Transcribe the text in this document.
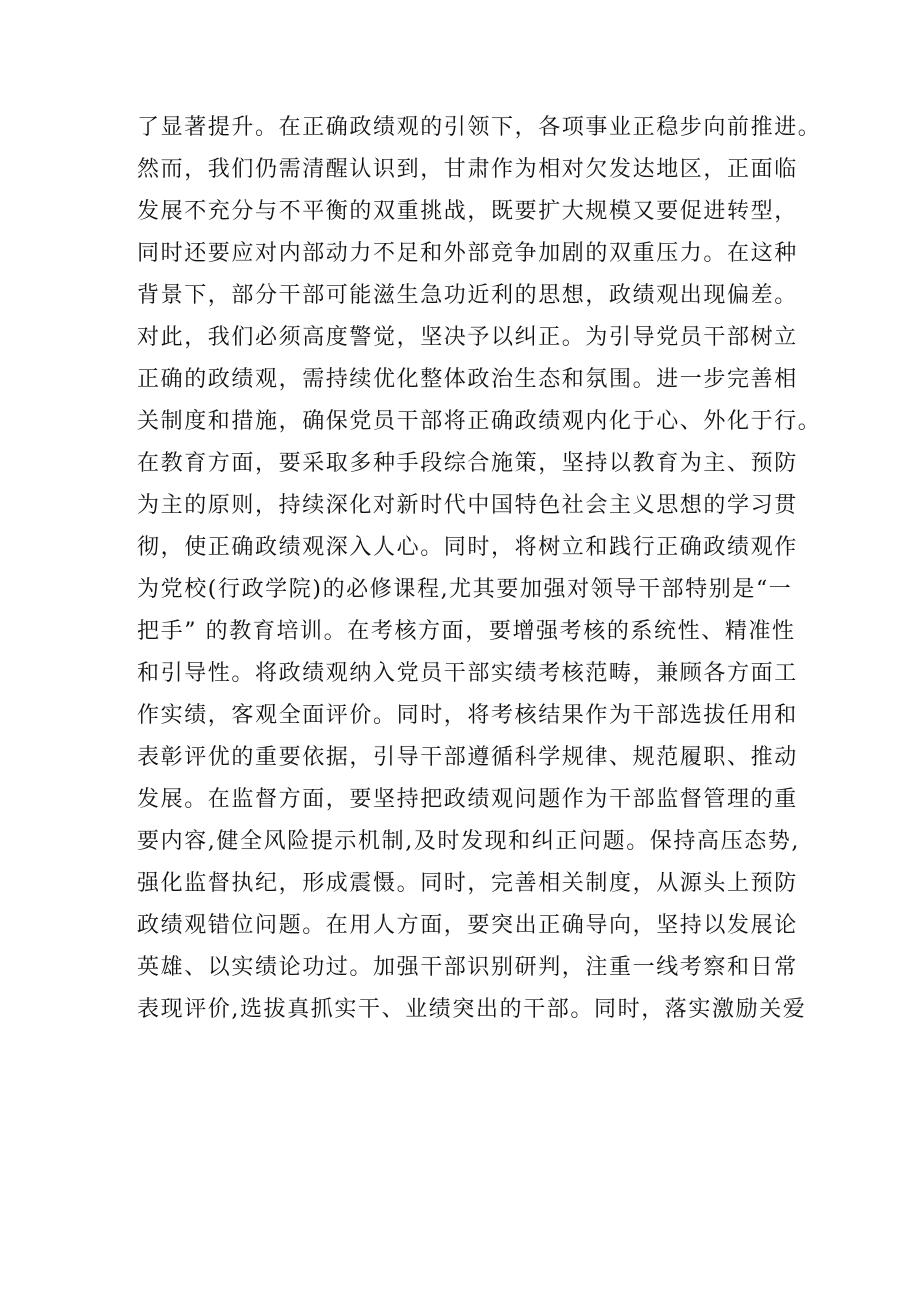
了显著提升。在正确政绩观的引领下，各项事业正稳步向前推进。
然而，我们仍需清醒认识到，甘肃作为相对欠发达地区，正面临
发展不充分与不平衡的双重挑战，既要扩大规模又要促进转型，
同时还要应对内部动力不足和外部竞争加剧的双重压力。在这种
背景下，部分干部可能滋生急功近利的思想，政绩观出现偏差。
对此，我们必须高度警觉，坚决予以纠正。为引导党员干部树立
正确的政绩观，需持续优化整体政治生态和氛围。进一步完善相
关制度和措施，确保党员干部将正确政绩观内化于心、外化于行。
在教育方面，要采取多种手段综合施策，坚持以教育为主、预防
为主的原则，持续深化对新时代中国特色社会主义思想的学习贯
彻，使正确政绩观深入人心。同时，将树立和践行正确政绩观作
为党校(行政学院)的必修课程,尤其要加强对领导干部特别是“一
把手” 的教育培训。在考核方面，要增强考核的系统性、精准性
和引导性。将政绩观纳入党员干部实绩考核范畴，兼顾各方面工
作实绩，客观全面评价。同时，将考核结果作为干部选拔任用和
表彰评优的重要依据，引导干部遵循科学规律、规范履职、推动
发展。在监督方面，要坚持把政绩观问题作为干部监督管理的重
要内容,健全风险提示机制,及时发现和纠正问题。保持高压态势,
强化监督执纪，形成震慑。同时，完善相关制度，从源头上预防
政绩观错位问题。在用人方面，要突出正确导向，坚持以发展论
英雄、以实绩论功过。加强干部识别研判，注重一线考察和日常
表现评价,选拔真抓实干、业绩突出的干部。同时，落实激励关爱
